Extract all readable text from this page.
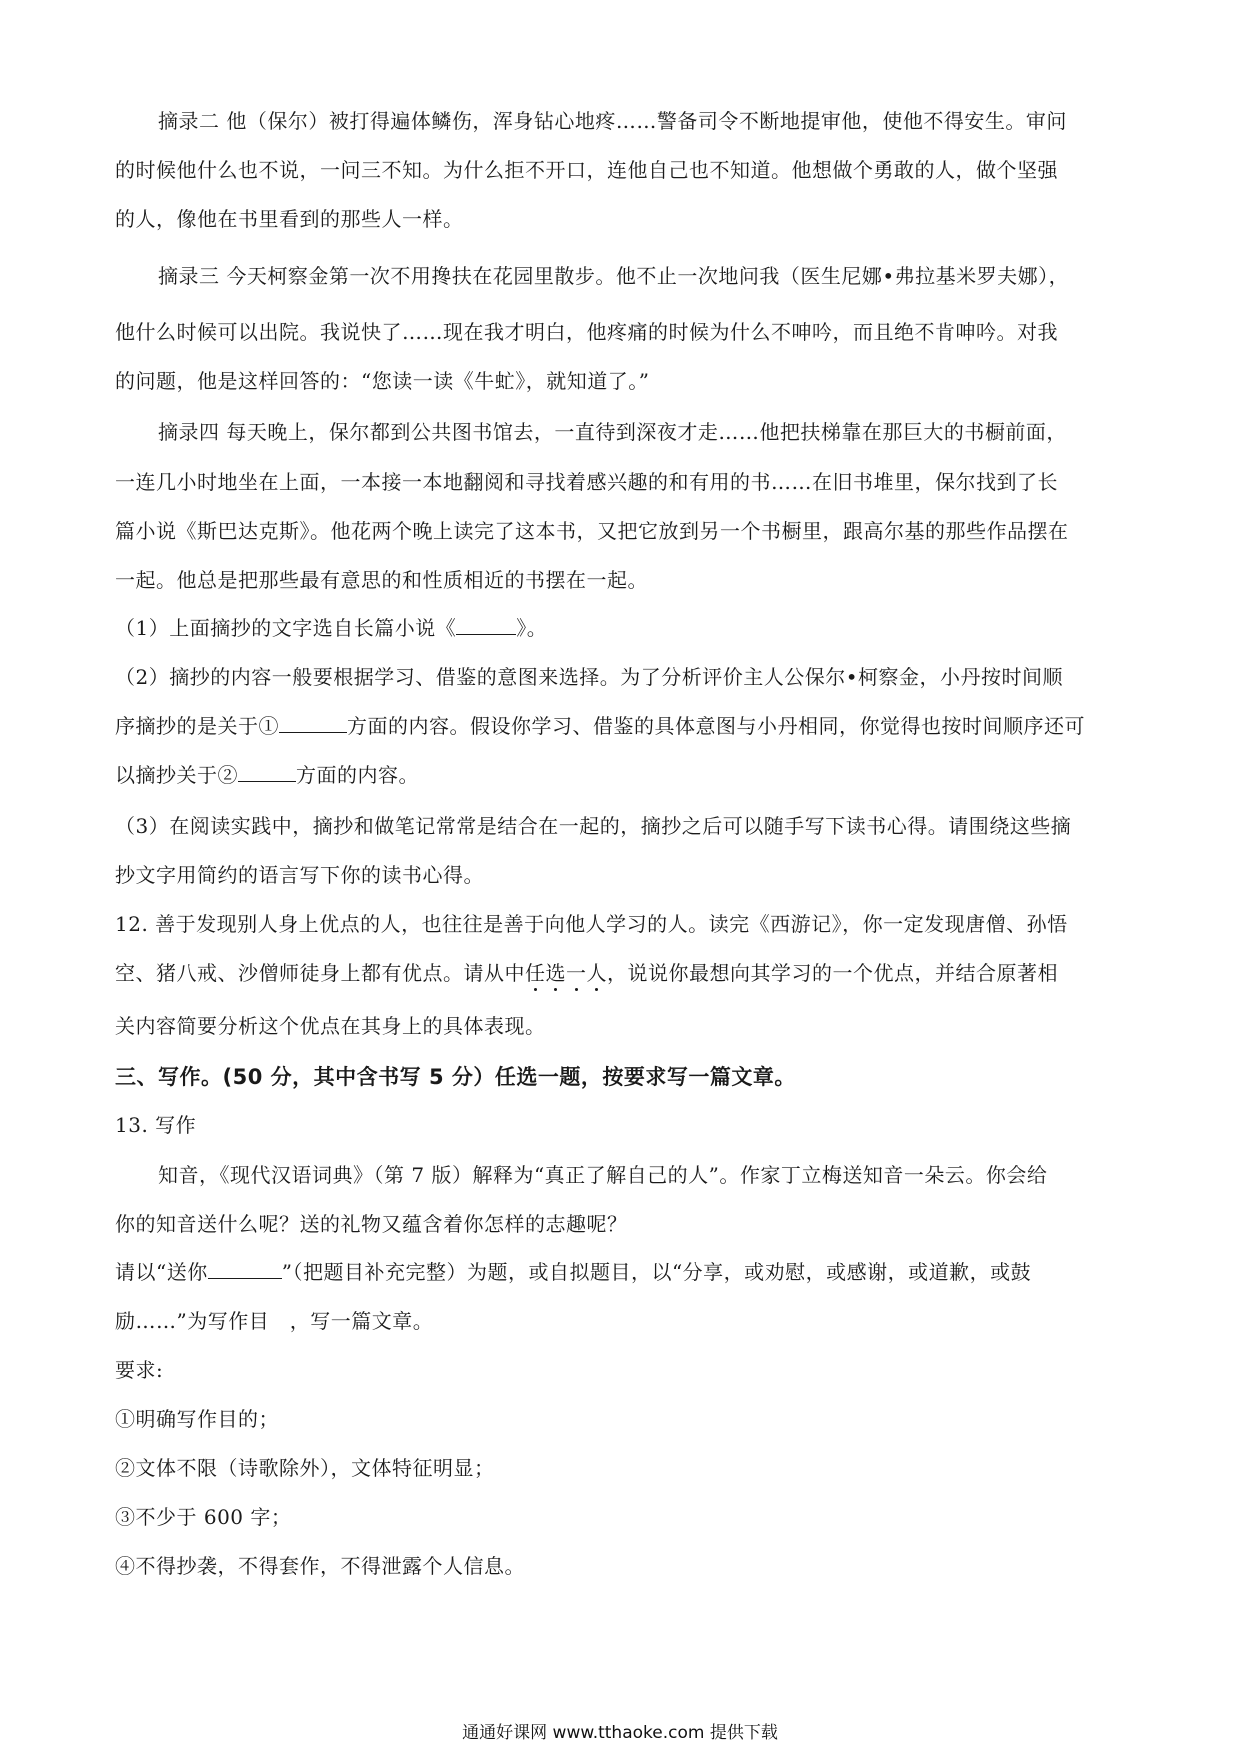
摘录二 他（保尔）被打得遍体鳞伤，浑身钻心地疼……警备司令不断地提审他，使他不得安生。审问
的时候他什么也不说，一问三不知。为什么拒不开口，连他自己也不知道。他想做个勇敢的人，做个坚强
的人，像他在书里看到的那些人一样。
摘录三 今天柯察金第一次不用搀扶在花园里散步。他不止一次地问我（医生尼娜•弗拉基米罗夫娜），
他什么时候可以出院。我说快了……现在我才明白，他疼痛的时候为什么不呻吟，而且绝不肯呻吟。对我
的问题，他是这样回答的：“您读一读《牛虻》，就知道了。”
摘录四 每天晚上，保尔都到公共图书馆去，一直待到深夜才走……他把扶梯靠在那巨大的书橱前面，
一连几小时地坐在上面，一本接一本地翻阅和寻找着感兴趣的和有用的书……在旧书堆里，保尔找到了长
篇小说《斯巴达克斯》。他花两个晚上读完了这本书，又把它放到另一个书橱里，跟高尔基的那些作品摆在
一起。他总是把那些最有意思的和性质相近的书摆在一起。
（1）上面摘抄的文字选自长篇小说《	》。
（2）摘抄的内容一般要根据学习、借鉴的意图来选择。为了分析评价主人公保尔•柯察金，小丹按时间顺
序摘抄的是关于①	方面的内容。假设你学习、借鉴的具体意图与小丹相同，你觉得也按时间顺序还可
以摘抄关于②	方面的内容。
（3）在阅读实践中，摘抄和做笔记常常是结合在一起的，摘抄之后可以随手写下读书心得。请围绕这些摘
抄文字用简约的语言写下你的读书心得。
12. 善于发现别人身上优点的人，也往往是善于向他人学习的人。读完《西游记》，你一定发现唐僧、孙悟
空、猪八戒、沙僧师徒身上都有优点。请从中任选一人，说说你最想向其学习的一个优点，并结合原著相
关内容简要分析这个优点在其身上的具体表现。
三、写作。(50 分，其中含书写 5 分）任选一题，按要求写一篇文章。
13. 写作
知音，《现代汉语词典》（第 7 版）解释为“真正了解自己的人”。作家丁立梅送知音一朵云。你会给
你的知音送什么呢？送的礼物又蕴含着你怎样的志趣呢？
请以“送你	”（把题目补充完整）为题，或自拟题目，以“分享，或劝慰，或感谢，或道歉，或鼓
励……”为写作目　，写一篇文章。
要求:
①明确写作目的；
②文体不限（诗歌除外），文体特征明显；
③不少于 600 字；
④不得抄袭，不得套作，不得泄露个人信息。
通通好课网 www.tthaoke.com 提供下载
